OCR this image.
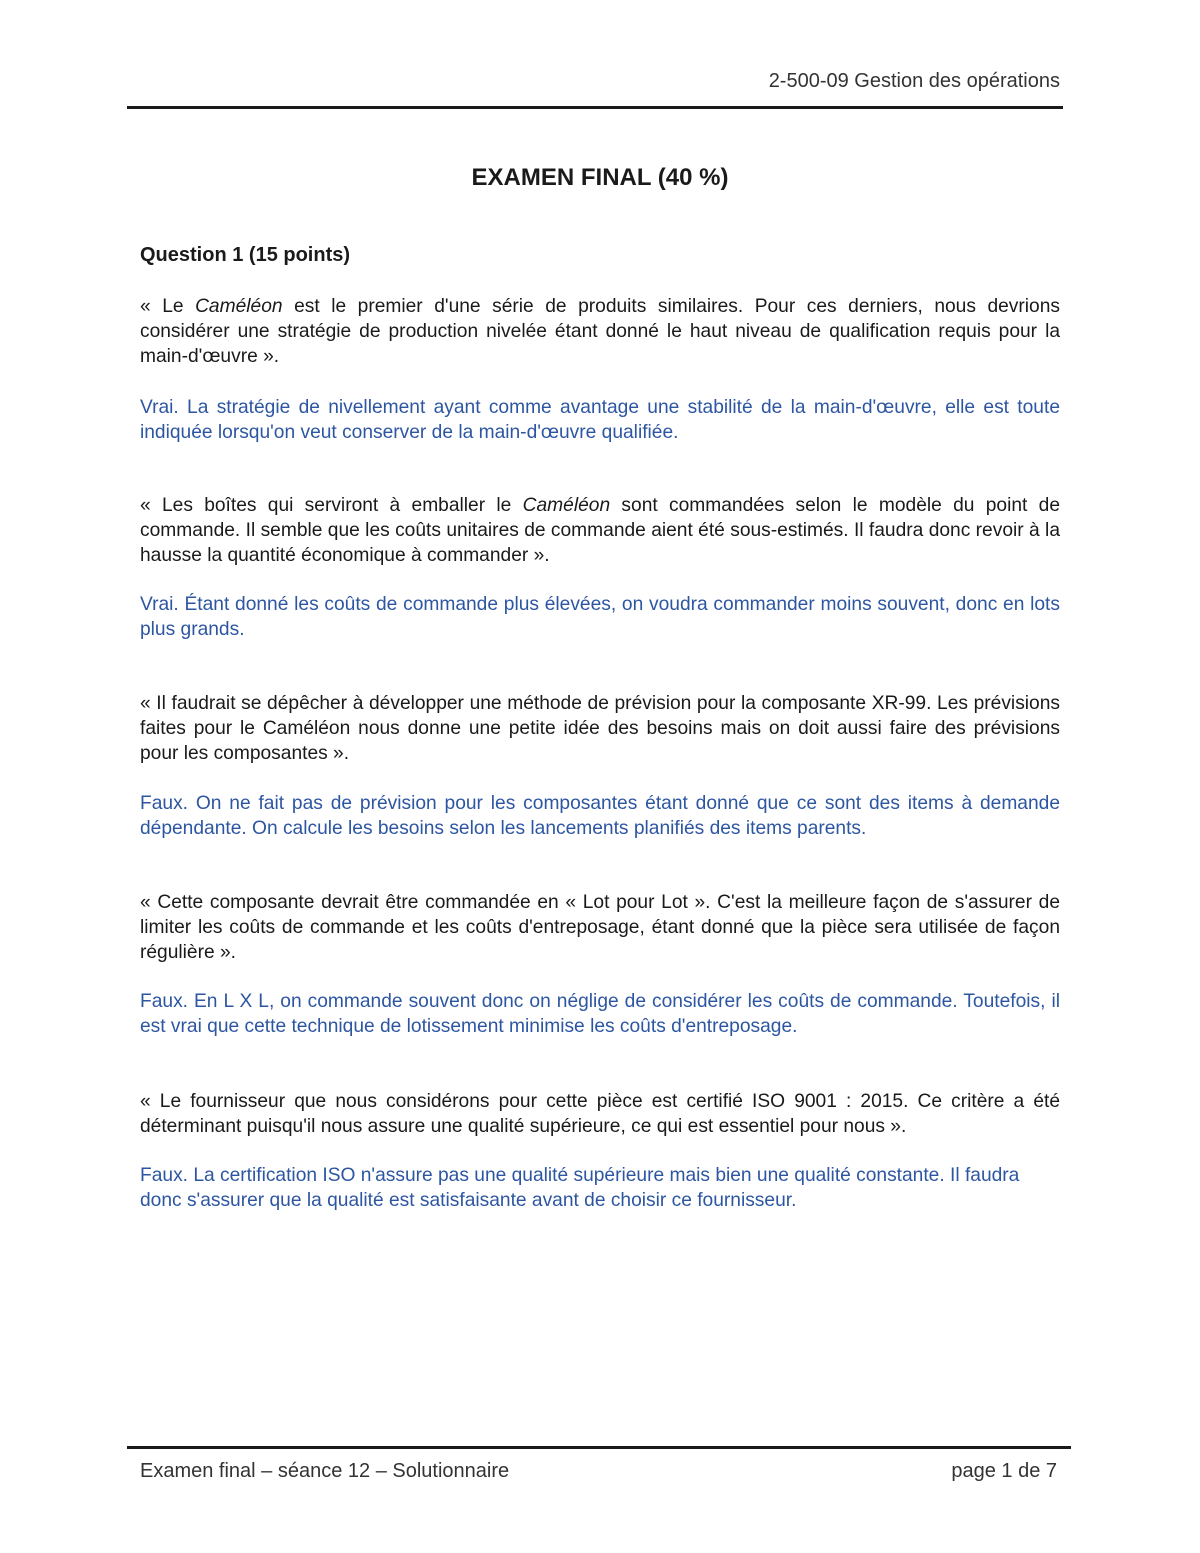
2-500-09 Gestion des opérations
EXAMEN FINAL (40 %)
Question 1 (15 points)
« Le Caméléon est le premier d'une série de produits similaires. Pour ces derniers, nous devrions considérer une stratégie de production nivelée étant donné le haut niveau de qualification requis pour la main-d'œuvre ».
Vrai. La stratégie de nivellement ayant comme avantage une stabilité de la main-d'œuvre, elle est toute indiquée lorsqu'on veut conserver de la main-d'œuvre qualifiée.
« Les boîtes qui serviront à emballer le Caméléon sont commandées selon le modèle du point de commande. Il semble que les coûts unitaires de commande aient été sous-estimés. Il faudra donc revoir à la hausse la quantité économique à commander ».
Vrai. Étant donné les coûts de commande plus élevées, on voudra commander moins souvent, donc en lots plus grands.
« Il faudrait se dépêcher à développer une méthode de prévision pour la composante XR-99. Les prévisions faites pour le Caméléon nous donne une petite idée des besoins mais on doit aussi faire des prévisions pour les composantes ».
Faux. On ne fait pas de prévision pour les composantes étant donné que ce sont des items à demande dépendante. On calcule les besoins selon les lancements planifiés des items parents.
« Cette composante devrait être commandée en « Lot pour Lot ». C'est la meilleure façon de s'assurer de limiter les coûts de commande et les coûts d'entreposage, étant donné que la pièce sera utilisée de façon régulière ».
Faux. En L X L, on commande souvent donc on néglige de considérer les coûts de commande. Toutefois, il est vrai que cette technique de lotissement minimise les coûts d'entreposage.
« Le fournisseur que nous considérons pour cette pièce est certifié ISO 9001 : 2015. Ce critère a été déterminant puisqu'il nous assure une qualité supérieure, ce qui est essentiel pour nous ».
Faux. La certification ISO n'assure pas une qualité supérieure mais bien une qualité constante. Il faudra donc s'assurer que la qualité est satisfaisante avant de choisir ce fournisseur.
Examen final – séance 12 – Solutionnaire	page 1 de 7
